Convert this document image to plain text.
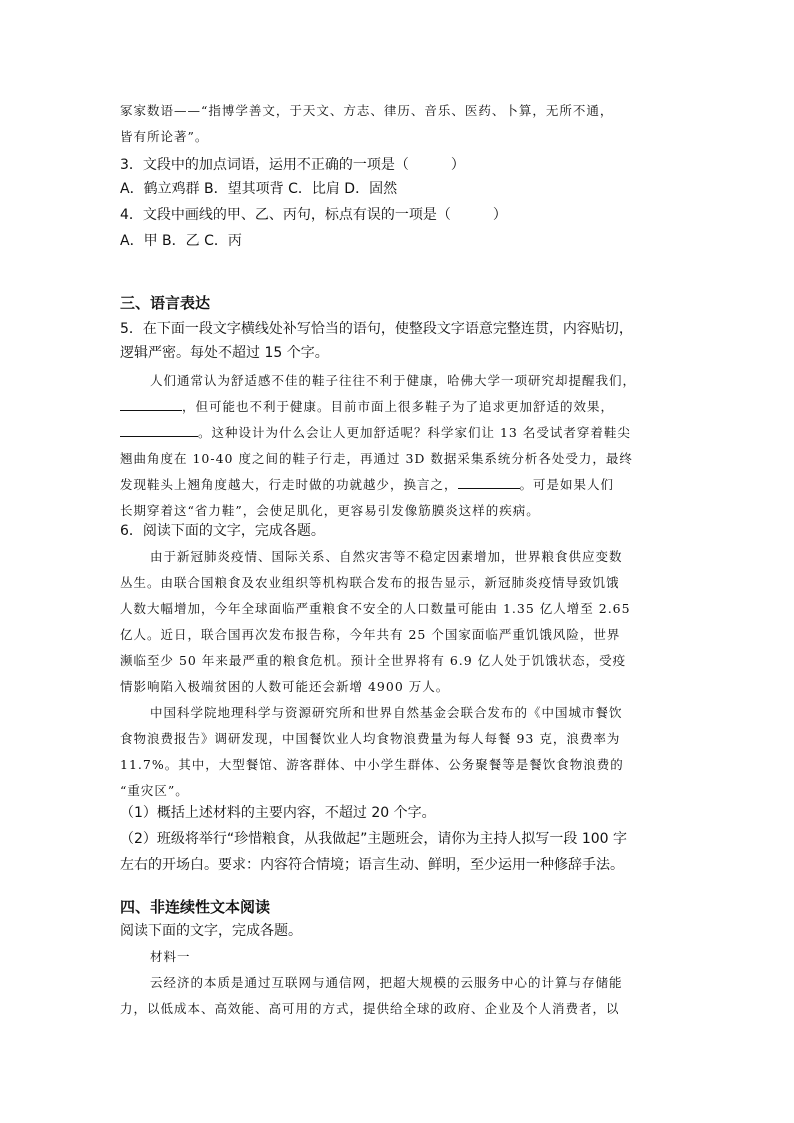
冢家数语——“指博学善文，于天文、方志、律历、音乐、医药、卜算，无所不通，
皆有所论著”。
3．文段中的加点词语，运用不正确的一项是（　　　）
A．鹤立鸡群 B．望其项背 C．比肩 D．固然
4．文段中画线的甲、乙、丙句，标点有误的一项是（　　　）
A．甲 B．乙 C．丙
三、语言表达
5．在下面一段文字横线处补写恰当的语句，使整段文字语意完整连贯，内容贴切，
逻辑严密。每处不超过 15 个字。
人们通常认为舒适感不佳的鞋子往往不利于健康，哈佛大学一项研究却提醒我们，
，但可能也不利于健康。目前市面上很多鞋子为了追求更加舒适的效果，
。这种设计为什么会让人更加舒适呢？科学家们让 13 名受试者穿着鞋尖
翘曲角度在 10-40 度之间的鞋子行走，再通过 3D 数据采集系统分析各处受力，最终
发现鞋头上翘角度越大，行走时做的功就越少，换言之，	。可是如果人们
长期穿着这“省力鞋”，会使足肌化，更容易引发像筋膜炎这样的疾病。
6．阅读下面的文字，完成各题。
由于新冠肺炎疫情、国际关系、自然灾害等不稳定因素增加，世界粮食供应变数
丛生。由联合国粮食及农业组织等机构联合发布的报告显示，新冠肺炎疫情导致饥饿
人数大幅增加，今年全球面临严重粮食不安全的人口数量可能由 1.35 亿人增至 2.65
亿人。近日，联合国再次发布报告称，今年共有 25 个国家面临严重饥饿风险，世界
濒临至少 50 年来最严重的粮食危机。预计全世界将有 6.9 亿人处于饥饿状态，受疫
情影响陷入极端贫困的人数可能还会新增 4900 万人。
中国科学院地理科学与资源研究所和世界自然基金会联合发布的《中国城市餐饮
食物浪费报告》调研发现，中国餐饮业人均食物浪费量为每人每餐 93 克，浪费率为
11.7%。其中，大型餐馆、游客群体、中小学生群体、公务聚餐等是餐饮食物浪费的
“重灾区”。
（1）概括上述材料的主要内容，不超过 20 个字。
（2）班级将举行“珍惜粮食，从我做起”主题班会，请你为主持人拟写一段 100 字
左右的开场白。要求：内容符合情境；语言生动、鲜明，至少运用一种修辞手法。
四、非连续性文本阅读
阅读下面的文字，完成各题。
材料一
云经济的本质是通过互联网与通信网，把超大规模的云服务中心的计算与存储能
力，以低成本、高效能、高可用的方式，提供给全球的政府、企业及个人消费者，以
